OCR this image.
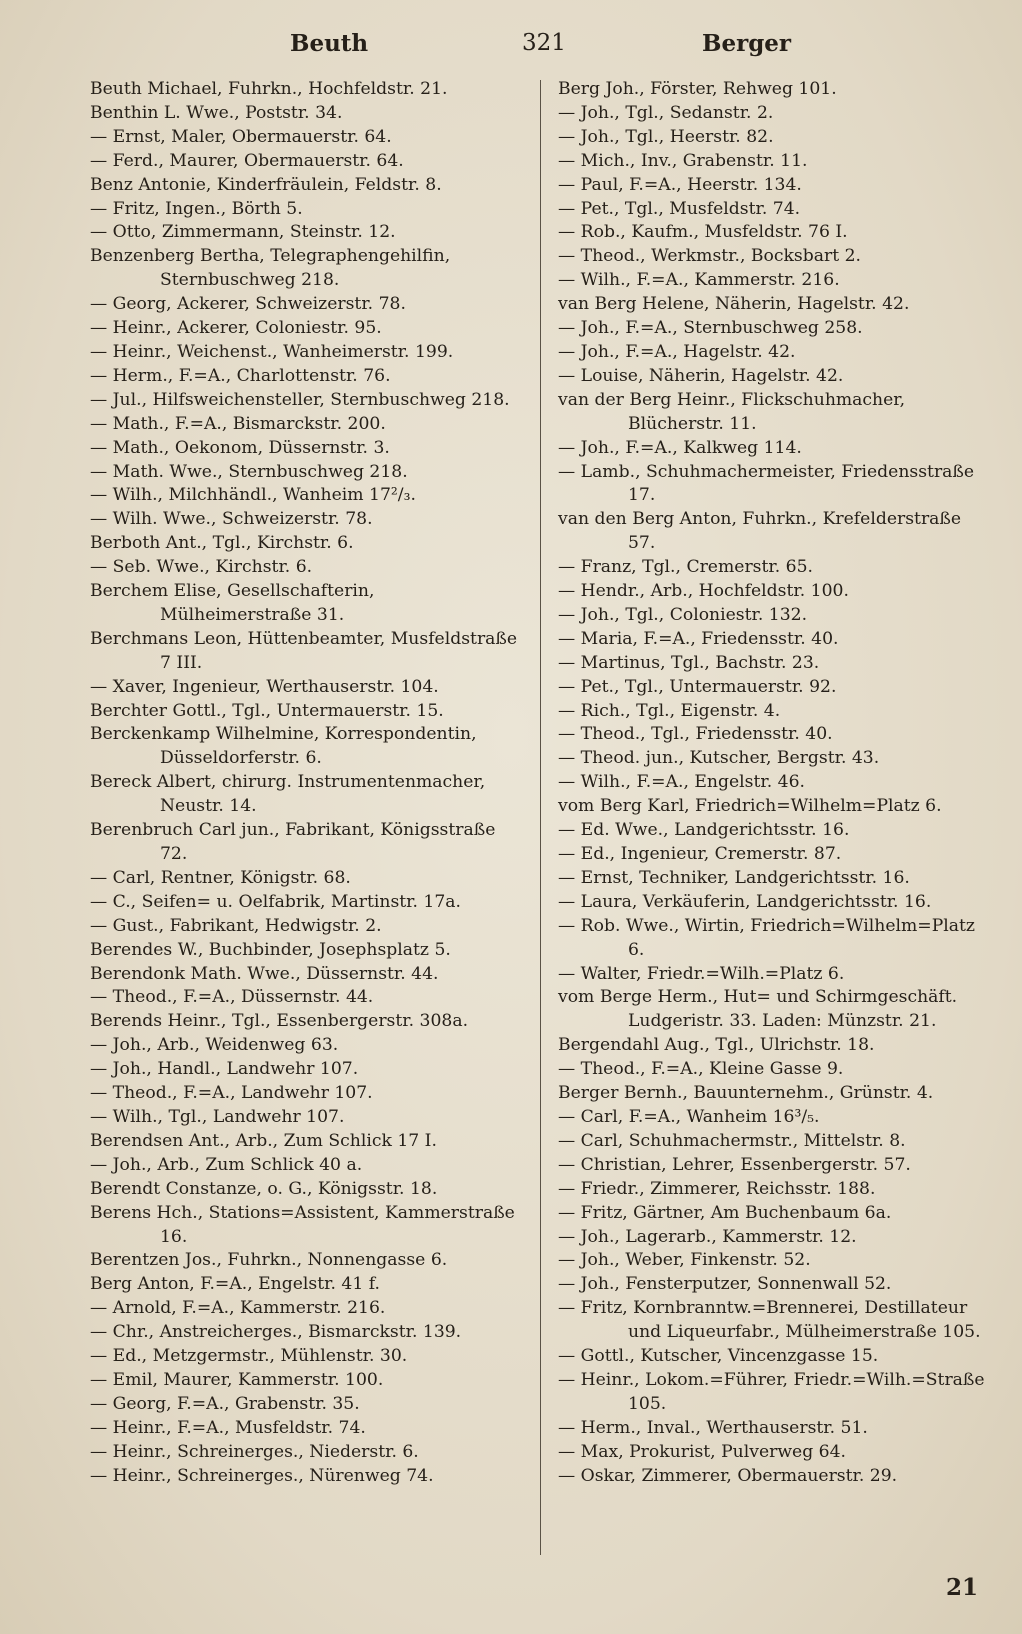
Beuth	321	Berger

Beuth Michael, Fuhrkn., Hochfeldstr. 21.

Benthin L. Wwe., Poststr. 34.

— Ernst, Maler, Obermauerstr. 64.

— Ferd., Maurer, Obermauerstr. 64.

Benz Antonie, Kinderfräulein, Feldstr. 8.

— Fritz, Ingen., Börth 5.

— Otto, Zimmermann, Steinstr. 12.

Benzenberg Bertha, Telegraphengehilfin, Sternbuschweg 218.

— Georg, Ackerer, Schweizerstr. 78.

— Heinr., Ackerer, Coloniestr. 95.

— Heinr., Weichenst., Wanheimerstr. 199.

— Herm., F.=A., Charlottenstr. 76.

— Jul., Hilfsweichensteller, Sternbuschweg 218.

— Math., F.=A., Bismarckstr. 200.

— Math., Oekonom, Düssernstr. 3.

— Math. Wwe., Sternbuschweg 218.

— Wilh., Milchhändl., Wanheim 17²/₃.

— Wilh. Wwe., Schweizerstr. 78.

Berboth Ant., Tgl., Kirchstr. 6.

— Seb. Wwe., Kirchstr. 6.

Berchem Elise, Gesellschafterin, Mülheimerstraße 31.

Berchmans Leon, Hüttenbeamter, Musfeldstraße 7 III.

— Xaver, Ingenieur, Werthauserstr. 104.

Berchter Gottl., Tgl., Untermauerstr. 15.

Berckenkamp Wilhelmine, Korrespondentin, Düsseldorferstr. 6.

Bereck Albert, chirurg. Instrumentenmacher, Neustr. 14.

Berenbruch Carl jun., Fabrikant, Königsstraße 72.

— Carl, Rentner, Königstr. 68.

— C., Seifen= u. Oelfabrik, Martinstr. 17a.

— Gust., Fabrikant, Hedwigstr. 2.

Berendes W., Buchbinder, Josephsplatz 5.

Berendonk Math. Wwe., Düssernstr. 44.

— Theod., F.=A., Düssernstr. 44.

Berends Heinr., Tgl., Essenbergerstr. 308a.

— Joh., Arb., Weidenweg 63.

— Joh., Handl., Landwehr 107.

— Theod., F.=A., Landwehr 107.

— Wilh., Tgl., Landwehr 107.

Berendsen Ant., Arb., Zum Schlick 17 I.

— Joh., Arb., Zum Schlick 40 a.

Berendt Constanze, o. G., Königsstr. 18.

Berens Hch., Stations=Assistent, Kammerstraße 16.

Berentzen Jos., Fuhrkn., Nonnengasse 6.

Berg Anton, F.=A., Engelstr. 41 f.

— Arnold, F.=A., Kammerstr. 216.

— Chr., Anstreicherges., Bismarckstr. 139.

— Ed., Metzgermstr., Mühlenstr. 30.

— Emil, Maurer, Kammerstr. 100.

— Georg, F.=A., Grabenstr. 35.

— Heinr., F.=A., Musfeldstr. 74.

— Heinr., Schreinerges., Niederstr. 6.

— Heinr., Schreinerges., Nürenweg 74.

Berg Joh., Förster, Rehweg 101.

— Joh., Tgl., Sedanstr. 2.

— Joh., Tgl., Heerstr. 82.

— Mich., Inv., Grabenstr. 11.

— Paul, F.=A., Heerstr. 134.

— Pet., Tgl., Musfeldstr. 74.

— Rob., Kaufm., Musfeldstr. 76 I.

— Theod., Werkmstr., Bocksbart 2.

— Wilh., F.=A., Kammerstr. 216.

van Berg Helene, Näherin, Hagelstr. 42.

— Joh., F.=A., Sternbuschweg 258.

— Joh., F.=A., Hagelstr. 42.

— Louise, Näherin, Hagelstr. 42.

van der Berg Heinr., Flickschuhmacher, Blücherstr. 11.

— Joh., F.=A., Kalkweg 114.

— Lamb., Schuhmachermeister, Friedensstraße 17.

van den Berg Anton, Fuhrkn., Krefelderstraße 57.

— Franz, Tgl., Cremerstr. 65.

— Hendr., Arb., Hochfeldstr. 100.

— Joh., Tgl., Coloniestr. 132.

— Maria, F.=A., Friedensstr. 40.

— Martinus, Tgl., Bachstr. 23.

— Pet., Tgl., Untermauerstr. 92.

— Rich., Tgl., Eigenstr. 4.

— Theod., Tgl., Friedensstr. 40.

— Theod. jun., Kutscher, Bergstr. 43.

— Wilh., F.=A., Engelstr. 46.

vom Berg Karl, Friedrich=Wilhelm=Platz 6.

— Ed. Wwe., Landgerichtsstr. 16.

— Ed., Ingenieur, Cremerstr. 87.

— Ernst, Techniker, Landgerichtsstr. 16.

— Laura, Verkäuferin, Landgerichtsstr. 16.

— Rob. Wwe., Wirtin, Friedrich=Wilhelm=Platz 6.

— Walter, Friedr.=Wilh.=Platz 6.

vom Berge Herm., Hut= und Schirmgeschäft. Ludgeristr. 33. Laden: Münzstr. 21.

Bergendahl Aug., Tgl., Ulrichstr. 18.

— Theod., F.=A., Kleine Gasse 9.

Berger Bernh., Bauunternehm., Grünstr. 4.

— Carl, F.=A., Wanheim 16³/₅.

— Carl, Schuhmachermstr., Mittelstr. 8.

— Christian, Lehrer, Essenbergerstr. 57.

— Friedr., Zimmerer, Reichsstr. 188.

— Fritz, Gärtner, Am Buchenbaum 6a.

— Joh., Lagerarb., Kammerstr. 12.

— Joh., Weber, Finkenstr. 52.

— Joh., Fensterputzer, Sonnenwall 52.

— Fritz, Kornbranntw.=Brennerei, Destillateur und Liqueurfabr., Mülheimerstraße 105.

— Gottl., Kutscher, Vincenzgasse 15.

— Heinr., Lokom.=Führer, Friedr.=Wilh.=Straße 105.

— Herm., Inval., Werthauserstr. 51.

— Max, Prokurist, Pulverweg 64.

— Oskar, Zimmerer, Obermauerstr. 29.

21
